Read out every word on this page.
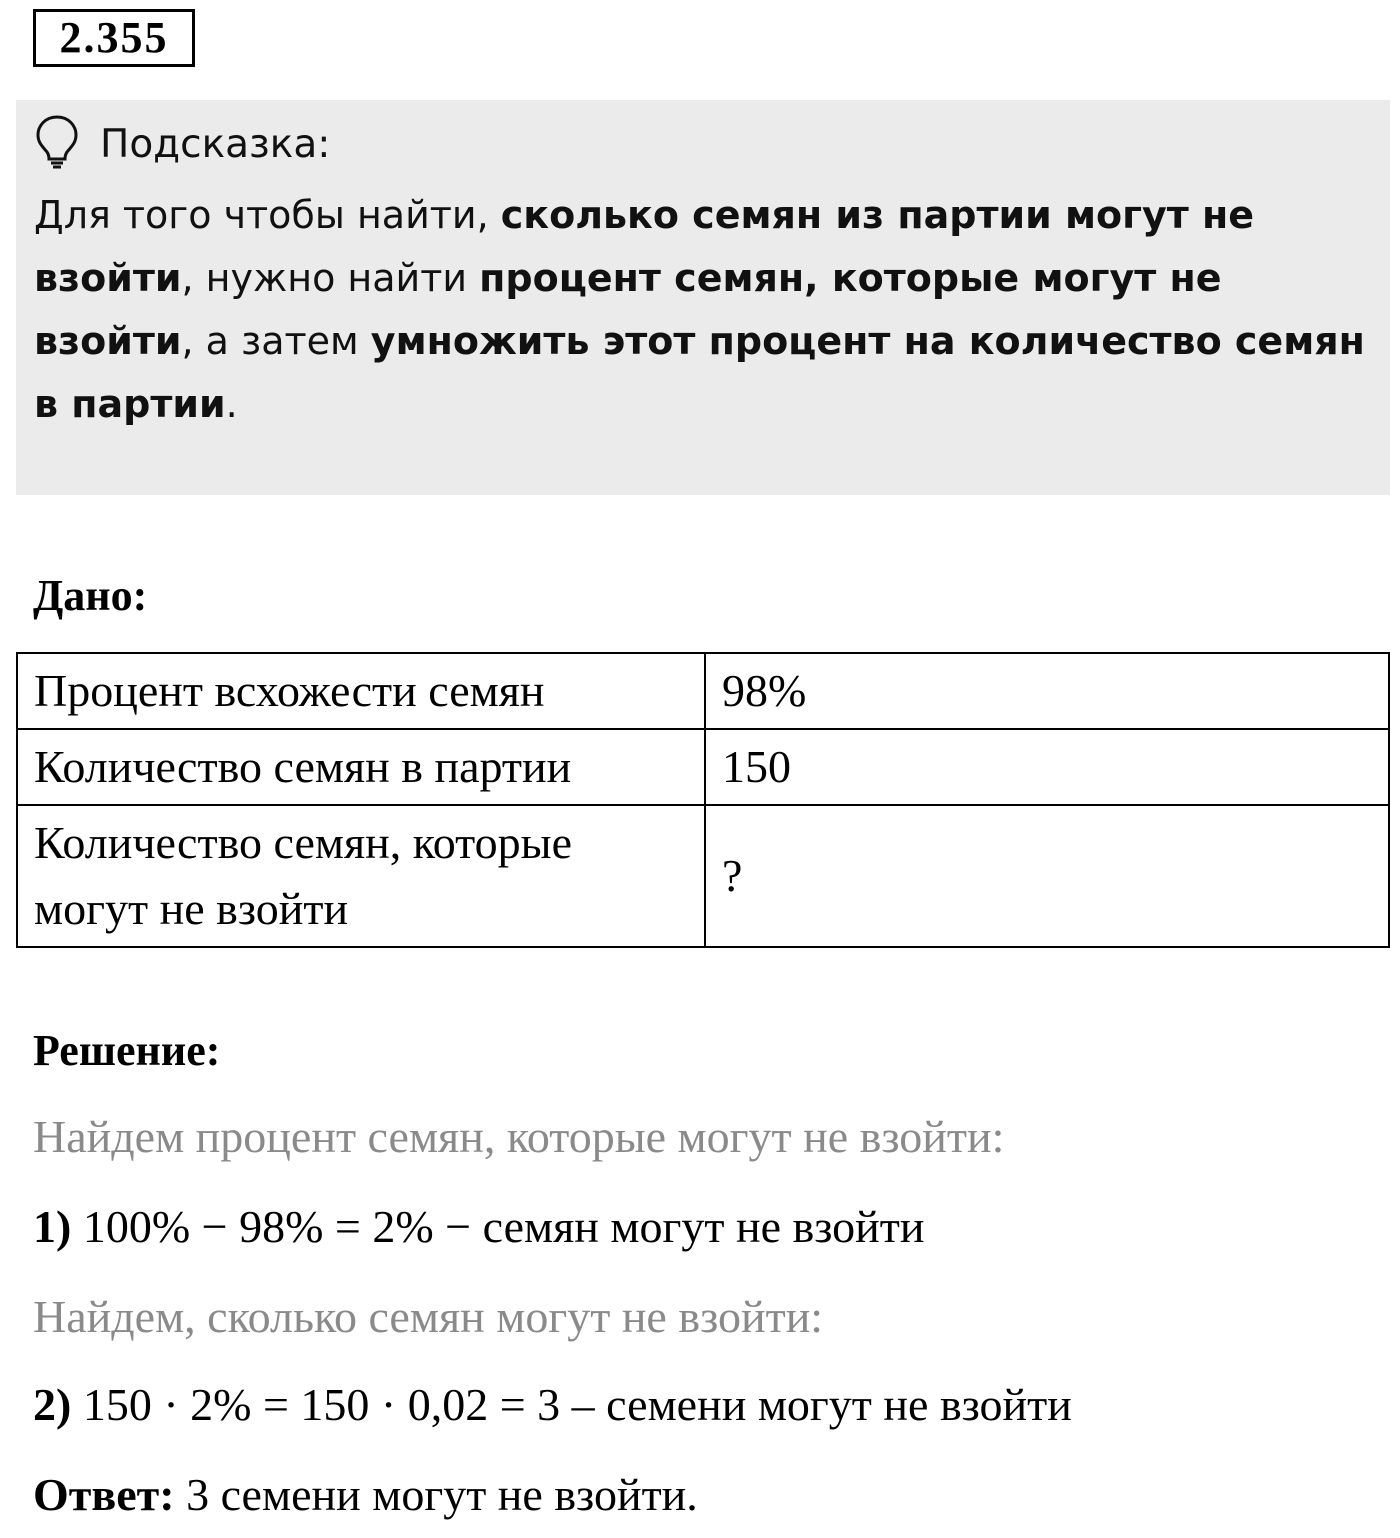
2.355
Подсказка:
Для того чтобы найти, сколько семян из партии могут не взойти, нужно найти процент семян, которые могут не взойти, а затем умножить этот процент на количество семян в партии.
Дано:
Процент всхожести семян	98%
Количество семян в партии	150
Количество семян, которые могут не взойти	?
Решение:
Найдем процент семян, которые могут не взойти:
1) 100% − 98% = 2% − семян могут не взойти
Найдем, сколько семян могут не взойти:
2) 150 · 2% = 150 · 0,02 = 3 – семени могут не взойти
Ответ: 3 семени могут не взойти.
